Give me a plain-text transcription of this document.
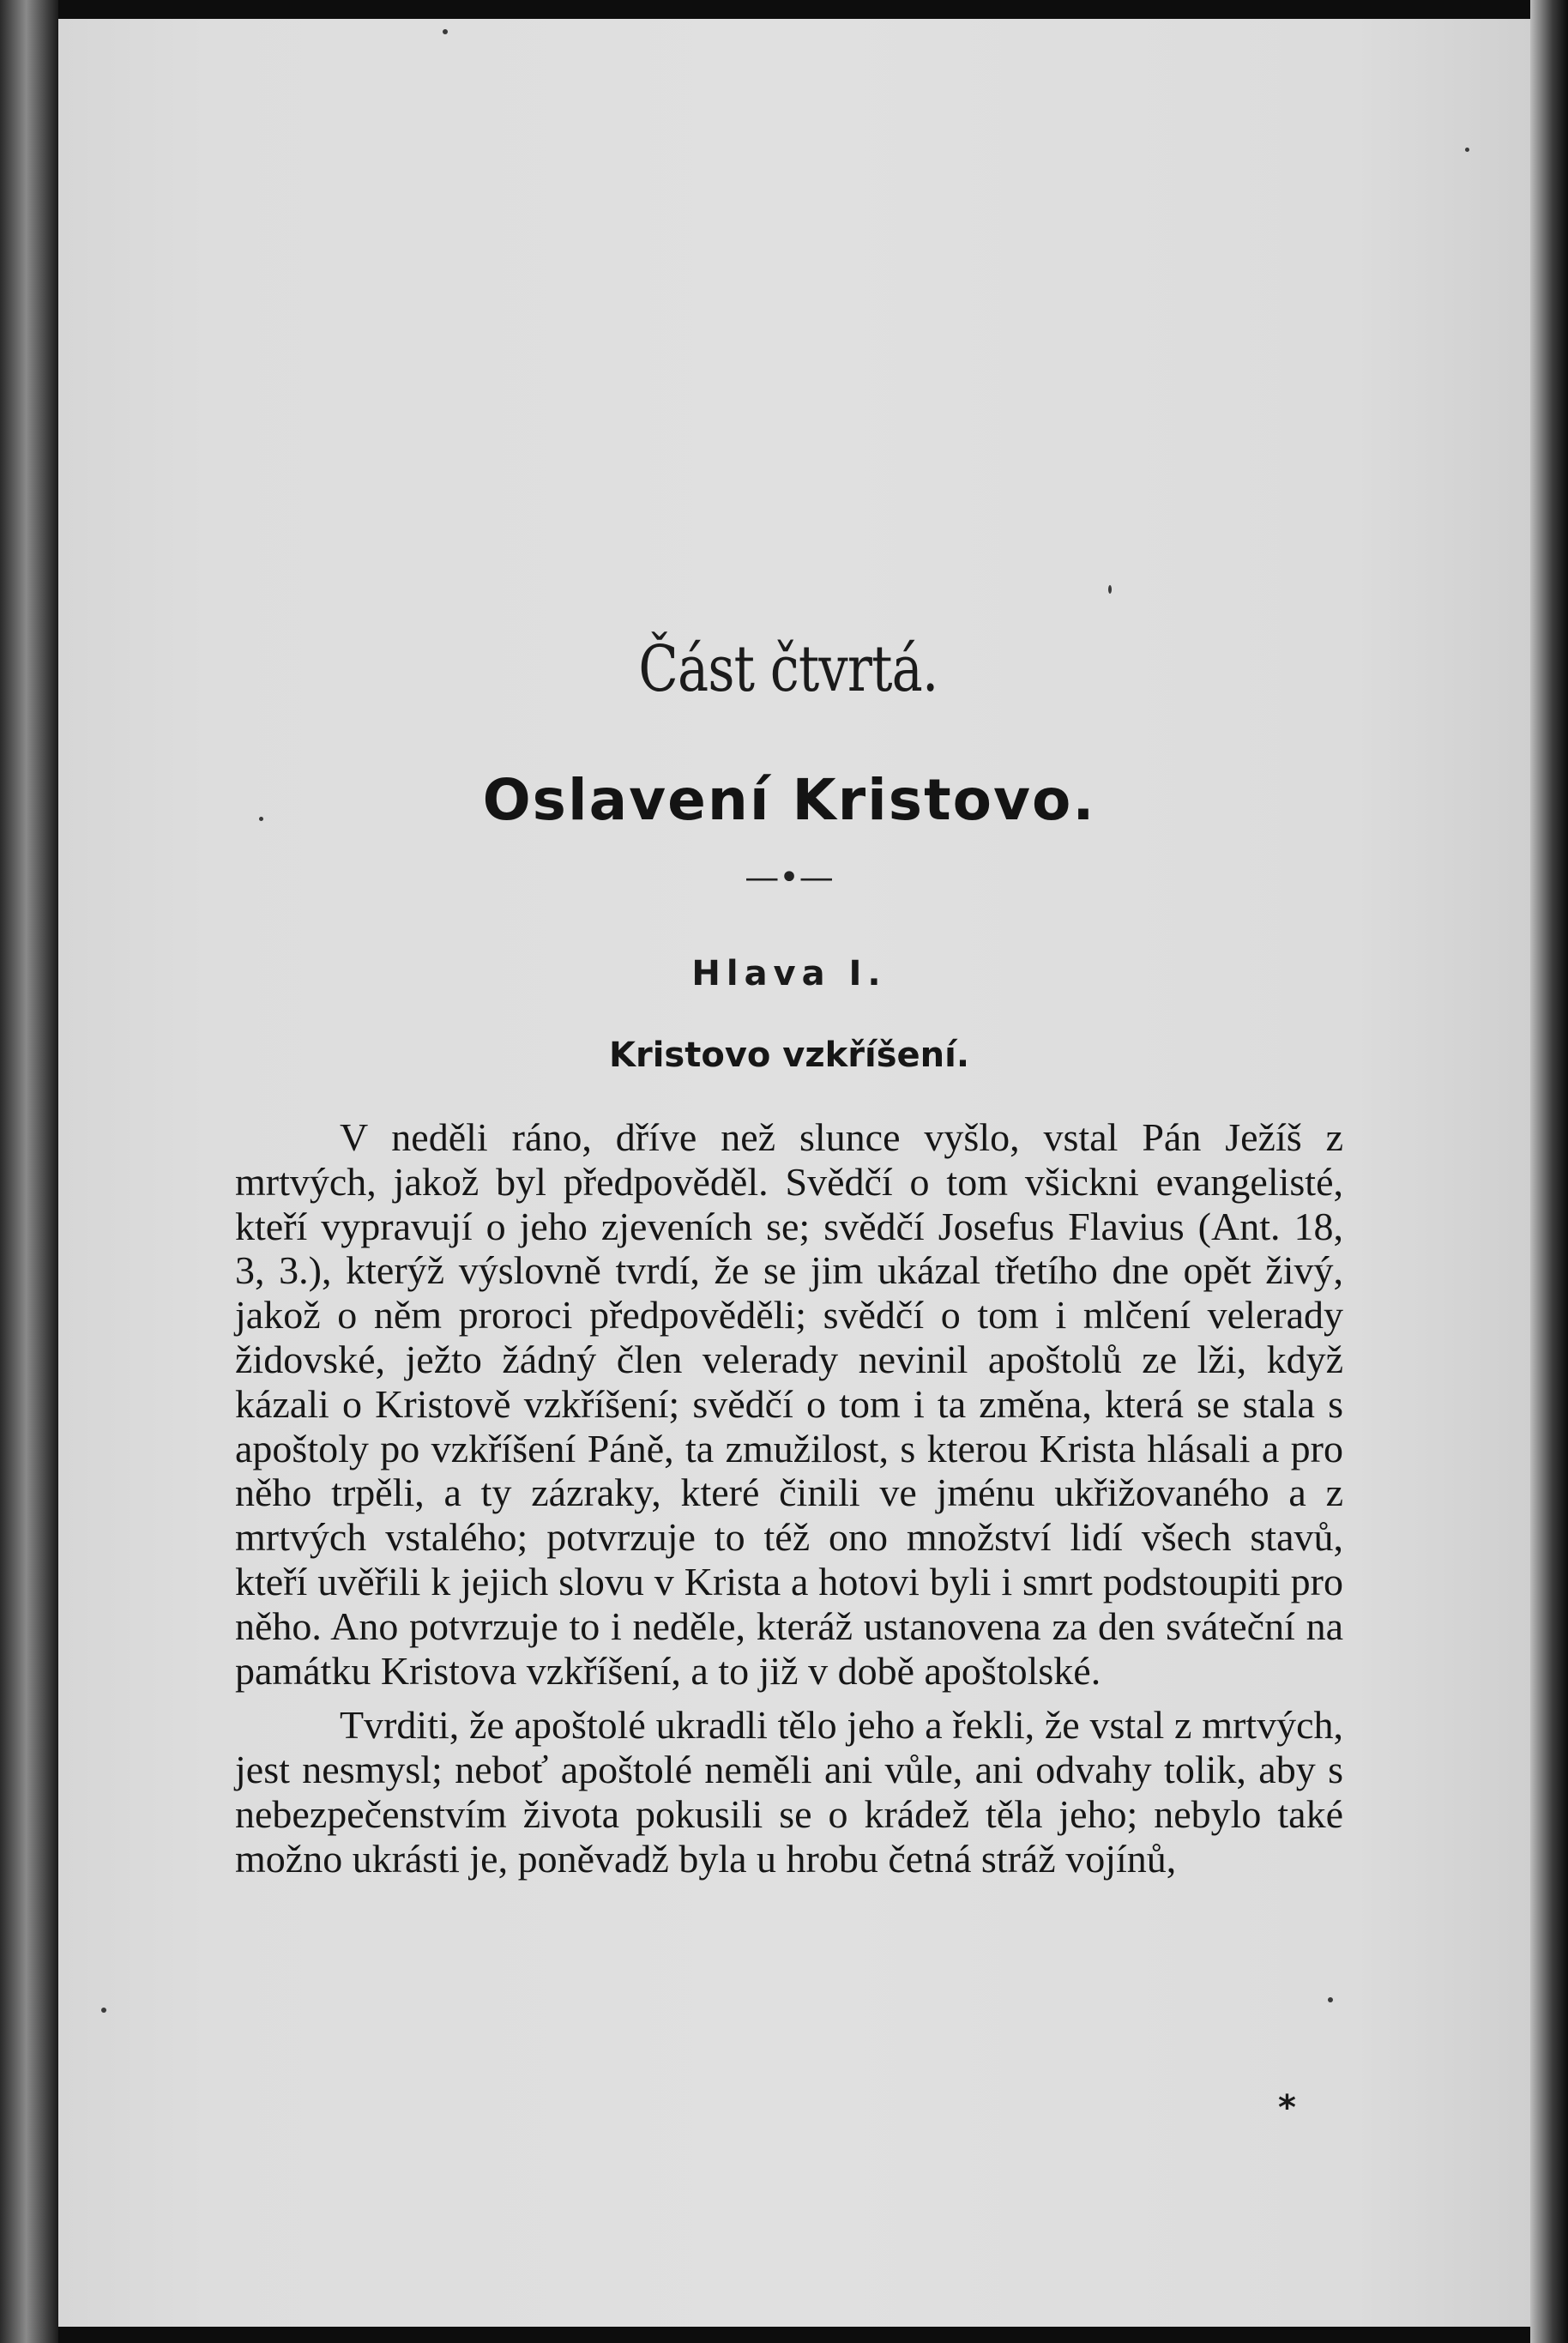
Část čtvrtá.
Oslavení Kristovo.
—•—
Hlava I.
Kristovo vzkříšení.

V neděli ráno, dříve než slunce vyšlo, vstal Pán Ježíš z mrtvých, jakož byl předpověděl. Svědčí o tom všickni evangelisté, kteří vypravují o jeho zjeveních se; svědčí Josefus Flavius (Ant. 18, 3, 3.), kterýž výslovně tvrdí, že se jim ukázal třetího dne opět živý, jakož o něm proroci předpověděli; svědčí o tom i mlčení velerady židovské, ježto žádný člen velerady nevinil apoštolů ze lži, když kázali o Kristově vzkříšení; svědčí o tom i ta změna, která se stala s apoštoly po vzkříšení Páně, ta zmužilost, s kterou Krista hlásali a pro něho trpěli, a ty zázraky, které činili ve jménu ukřižovaného a z mrtvých vstalého; potvrzuje to též ono množství lidí všech stavů, kteří uvěřili k jejich slovu v Krista a hotovi byli i smrt podstoupiti pro něho. Ano potvrzuje to i neděle, kteráž ustanovena za den sváteční na památku Kristova vzkříšení, a to již v době apoštolské.

Tvrditi, že apoštolé ukradli tělo jeho a řekli, že vstal z mrtvých, jest nesmysl; neboť apoštolé neměli ani vůle, ani odvahy tolik, aby s nebezpečenstvím života pokusili se o krádež těla jeho; nebylo také možno ukrásti je, poněvadž byla u hrobu četná stráž vojínů,

*
